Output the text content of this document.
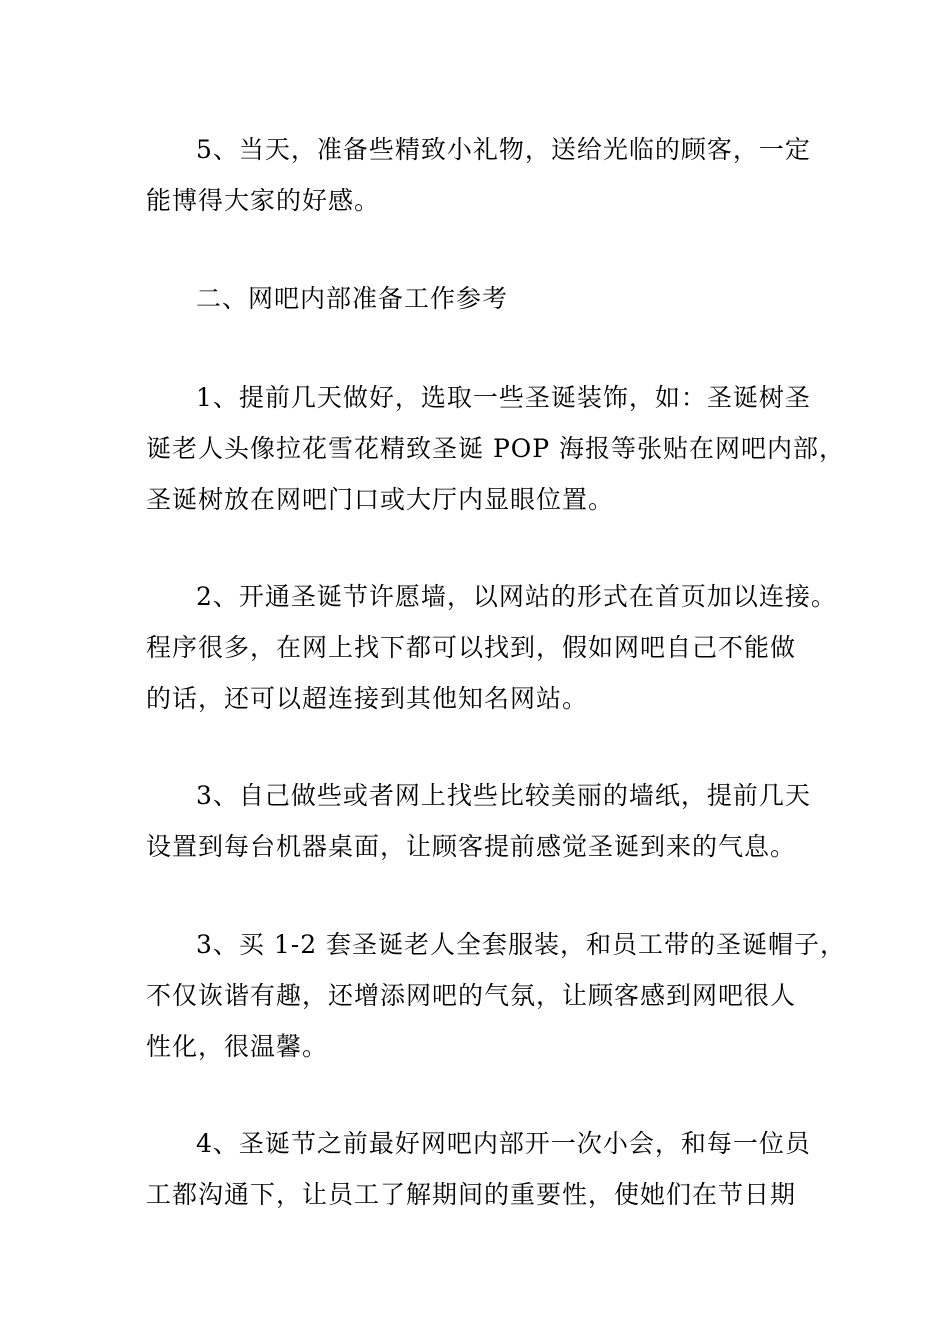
5、当天，准备些精致小礼物，送给光临的顾客，一定
能博得大家的好感。
二、网吧内部准备工作参考
1、提前几天做好，选取一些圣诞装饰，如：圣诞树圣
诞老人头像拉花雪花精致圣诞 POP 海报等张贴在网吧内部，
圣诞树放在网吧门口或大厅内显眼位置。
2、开通圣诞节许愿墙，以网站的形式在首页加以连接。
程序很多，在网上找下都可以找到，假如网吧自己不能做
的话，还可以超连接到其他知名网站。
3、自己做些或者网上找些比较美丽的墙纸，提前几天
设置到每台机器桌面，让顾客提前感觉圣诞到来的气息。
3、买 1-2 套圣诞老人全套服装，和员工带的圣诞帽子，
不仅诙谐有趣，还增添网吧的气氛，让顾客感到网吧很人
性化，很温馨。
4、圣诞节之前最好网吧内部开一次小会，和每一位员
工都沟通下，让员工了解期间的重要性，使她们在节日期
